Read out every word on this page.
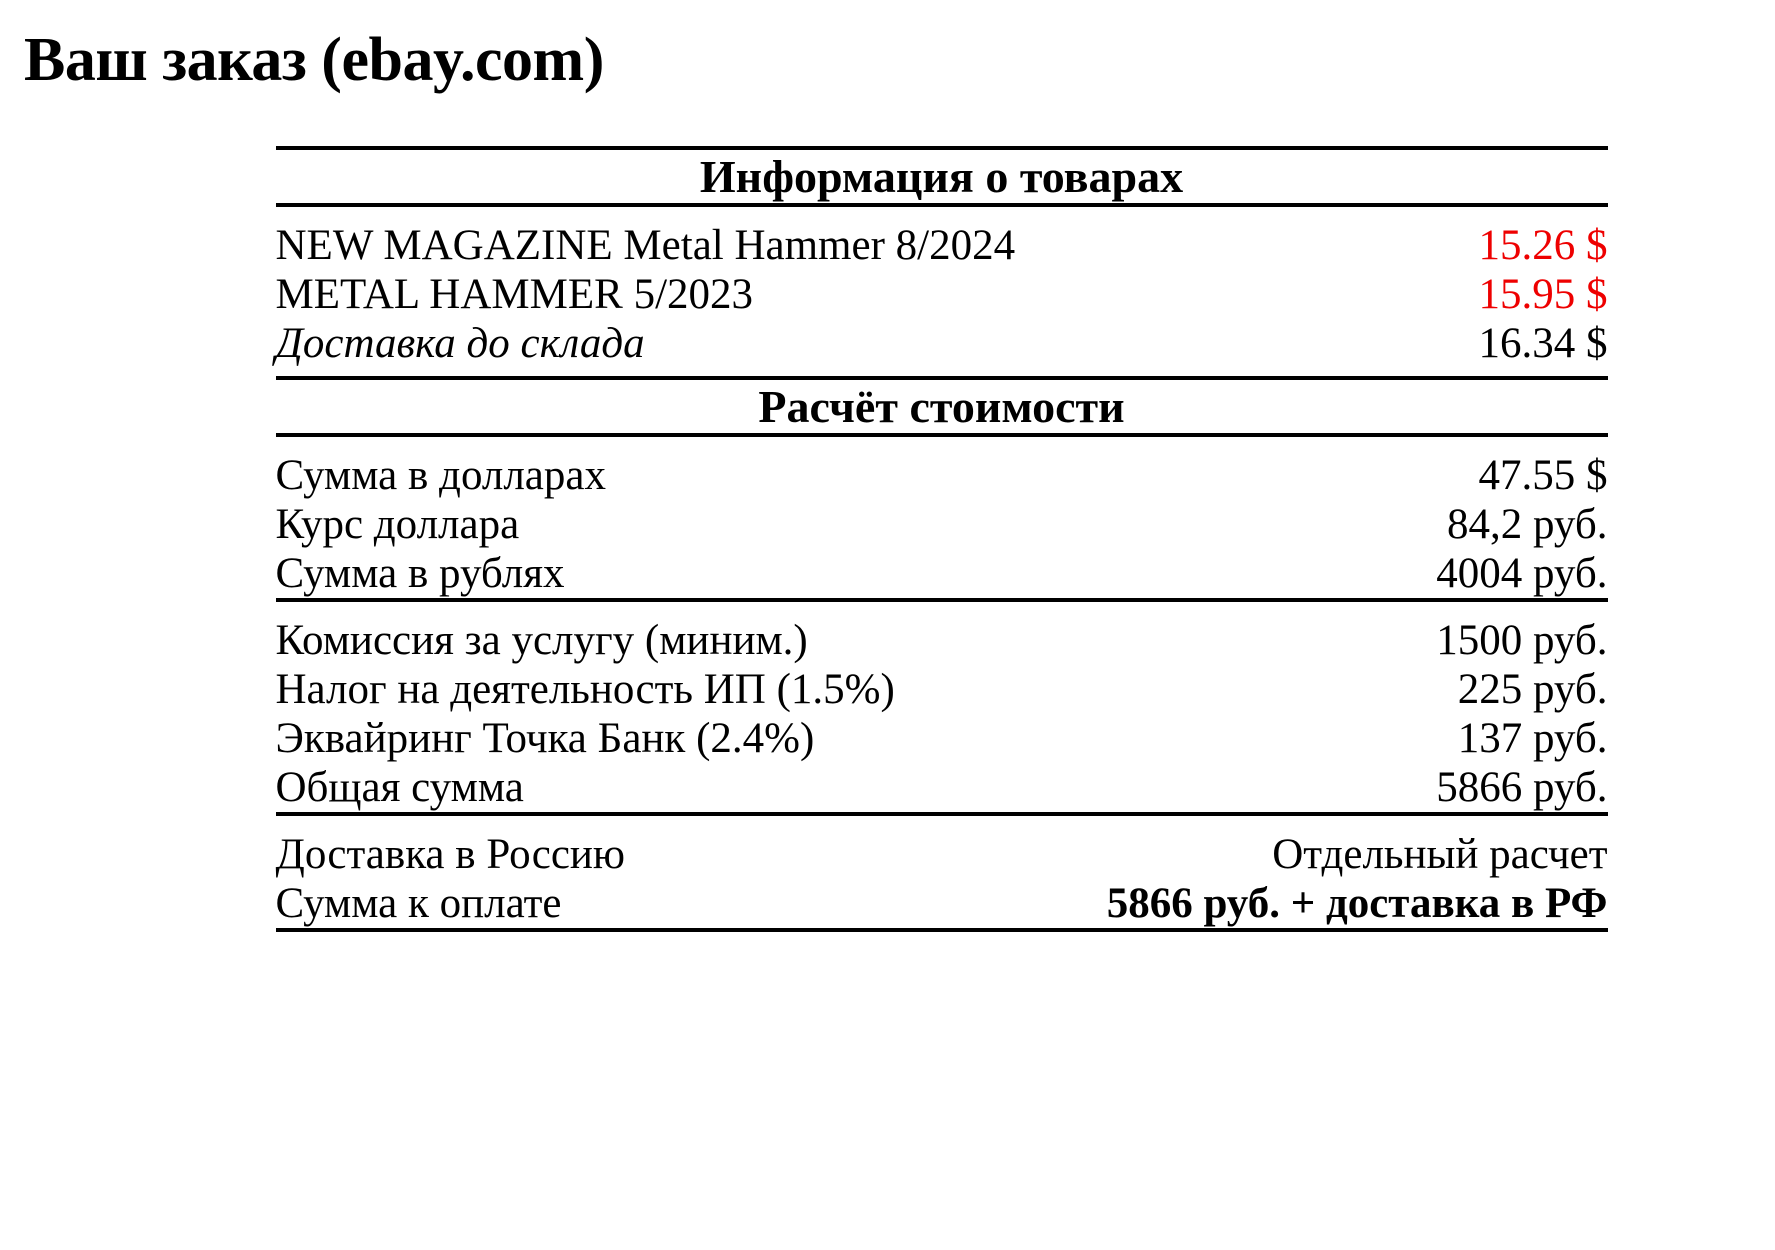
Ваш заказ (ebay.com)
Информация о товарах	

NEW MAGAZINE Metal Hammer 8/2024	15.26 $
METAL HAMMER 5/2023	15.95 $
Доставка до склада	16.34 $

Расчёт стоимости	

Сумма в долларах	47.55 $
Курс доллара	84,2 руб.
Сумма в рублях	4004 руб.

Комиссия за услугу (миним.)	1500 руб.
Налог на деятельность ИП (1.5%)	225 руб.
Эквайринг Точка Банк (2.4%)	137 руб.
Общая сумма	5866 руб.

Доставка в Россию	Отдельный расчет
Сумма к оплате	5866 руб. + доставка в РФ
